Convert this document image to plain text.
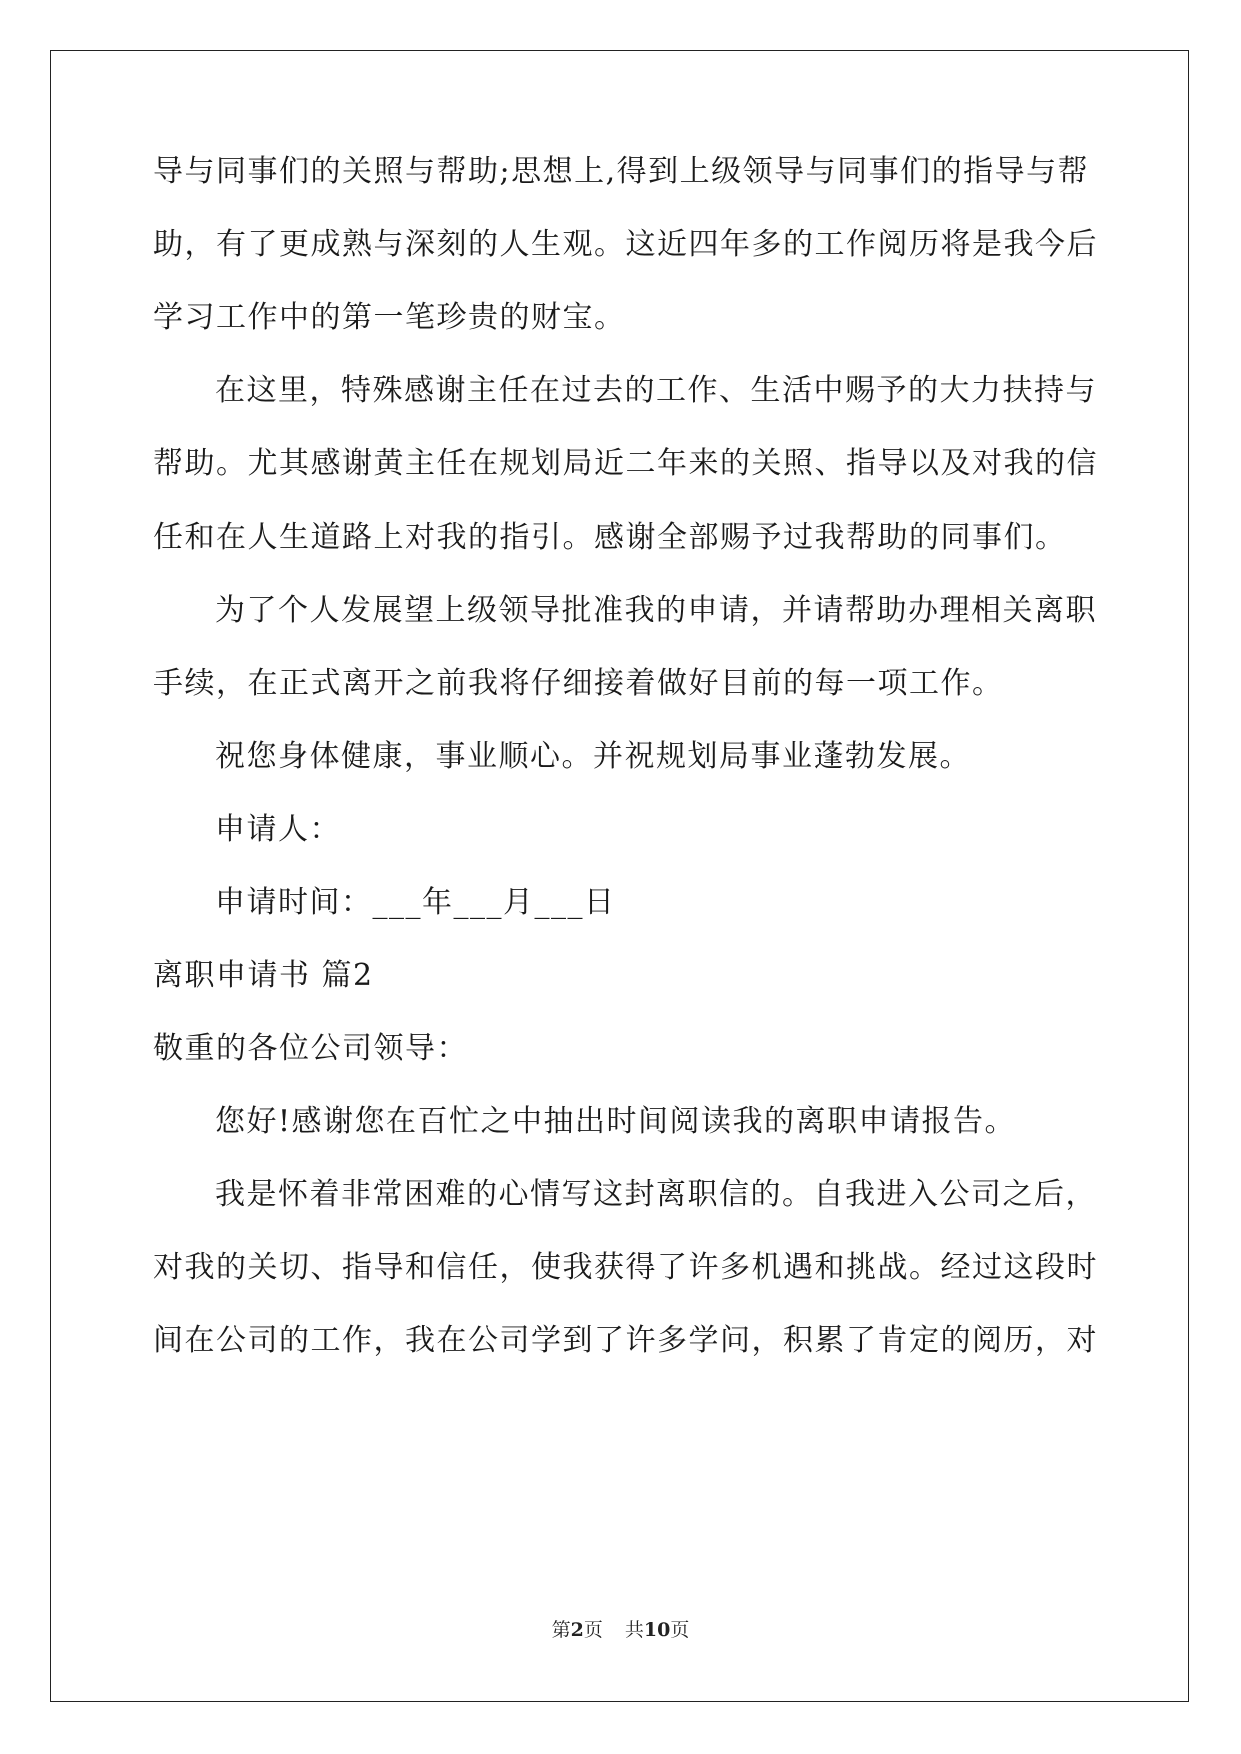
导与同事们的关照与帮助;思想上,得到上级领导与同事们的指导与帮
助，有了更成熟与深刻的人生观。这近四年多的工作阅历将是我今后
学习工作中的第一笔珍贵的财宝。
在这里，特殊感谢主任在过去的工作、生活中赐予的大力扶持与
帮助。尤其感谢黄主任在规划局近二年来的关照、指导以及对我的信
任和在人生道路上对我的指引。感谢全部赐予过我帮助的同事们。
为了个人发展望上级领导批准我的申请，并请帮助办理相关离职
手续，在正式离开之前我将仔细接着做好目前的每一项工作。
祝您身体健康，事业顺心。并祝规划局事业蓬勃发展。
申请人：
申请时间：___年___月___日
离职申请书 篇2
敬重的各位公司领导：
您好!感谢您在百忙之中抽出时间阅读我的离职申请报告。
我是怀着非常困难的心情写这封离职信的。自我进入公司之后，
对我的关切、指导和信任，使我获得了许多机遇和挑战。经过这段时
间在公司的工作，我在公司学到了许多学问，积累了肯定的阅历，对
第2页 共10页
